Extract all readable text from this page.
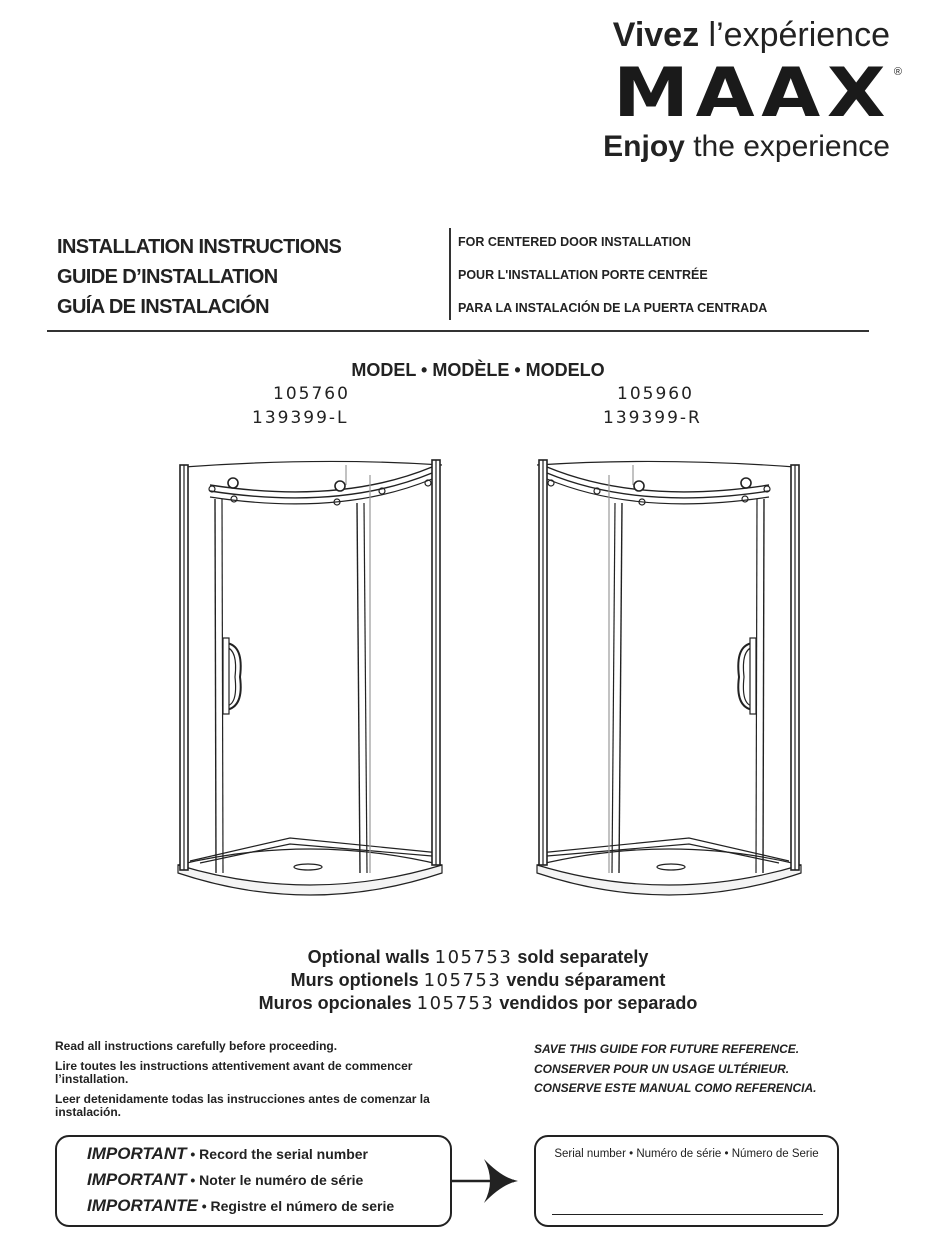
Vivez l’expérience
MAAX ®
Enjoy the experience
INSTALLATION INSTRUCTIONS
GUIDE D’INSTALLATION
GUÍA DE INSTALACIÓN
FOR CENTERED DOOR INSTALLATION
POUR L'INSTALLATION PORTE CENTRÉE
PARA LA INSTALACIÓN DE LA PUERTA CENTRADA
MODEL • MODÈLE • MODELO
105760
139399-L
105960
139399-R
Optional walls 105753 sold separately
Murs optionels 105753 vendu séparament
Muros opcionales 105753 vendidos por separado
Read all instructions carefully before proceeding.
Lire toutes les instructions attentivement avant de commencer l’installation.
Leer detenidamente todas las instrucciones antes de comenzar la instalación.
SAVE THIS GUIDE FOR FUTURE REFERENCE.
CONSERVER POUR UN USAGE ULTÉRIEUR.
CONSERVE ESTE MANUAL COMO REFERENCIA.
IMPORTANT • Record the serial number
IMPORTANT • Noter le numéro de série
IMPORTANTE • Registre el número de serie
Serial number • Numéro de série • Número de Serie
